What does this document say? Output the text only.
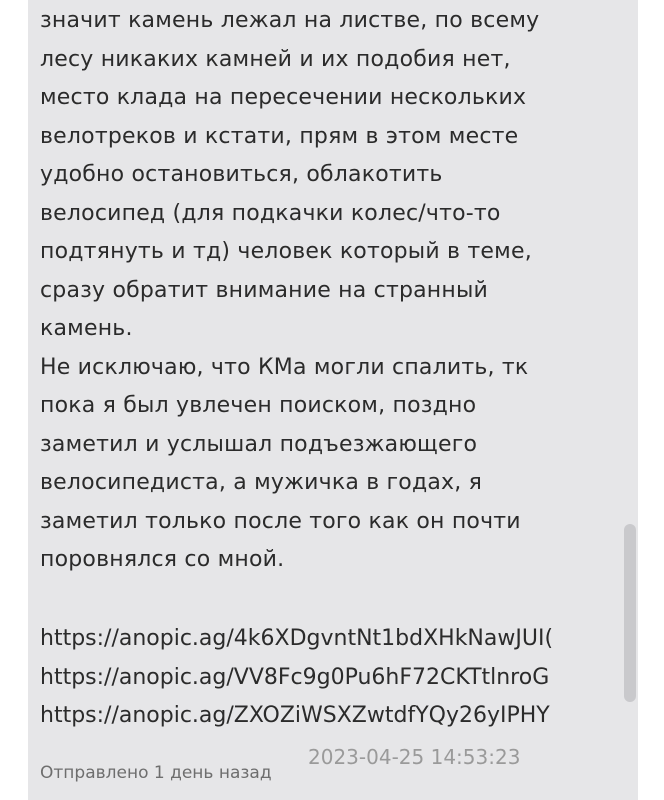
значит камень лежал на листве, по всему
лесу никаких камней и их подобия нет,
место клада на пересечении нескольких
велотреков и кстати, прям в этом месте
удобно остановиться, облакотить
велосипед (для подкачки колес/что-то
подтянуть и тд) человек который в теме,
сразу обратит внимание на странный
камень.
Не исключаю, что КМа могли спалить, тк
пока я был увлечен поиском, поздно
заметил и услышал подъезжающего
велосипедиста, а мужичка в годах, я
заметил только после того как он почти
поровнялся со мной.
https://anopic.ag/4k6XDgvntNt1bdXHkNawJUI(
https://anopic.ag/VV8Fc9g0Pu6hF72CKTtlnroG
https://anopic.ag/ZXOZiWSXZwtdfYQy26yIPHY
2023-04-25 14:53:23
Отправлено 1 день назад
